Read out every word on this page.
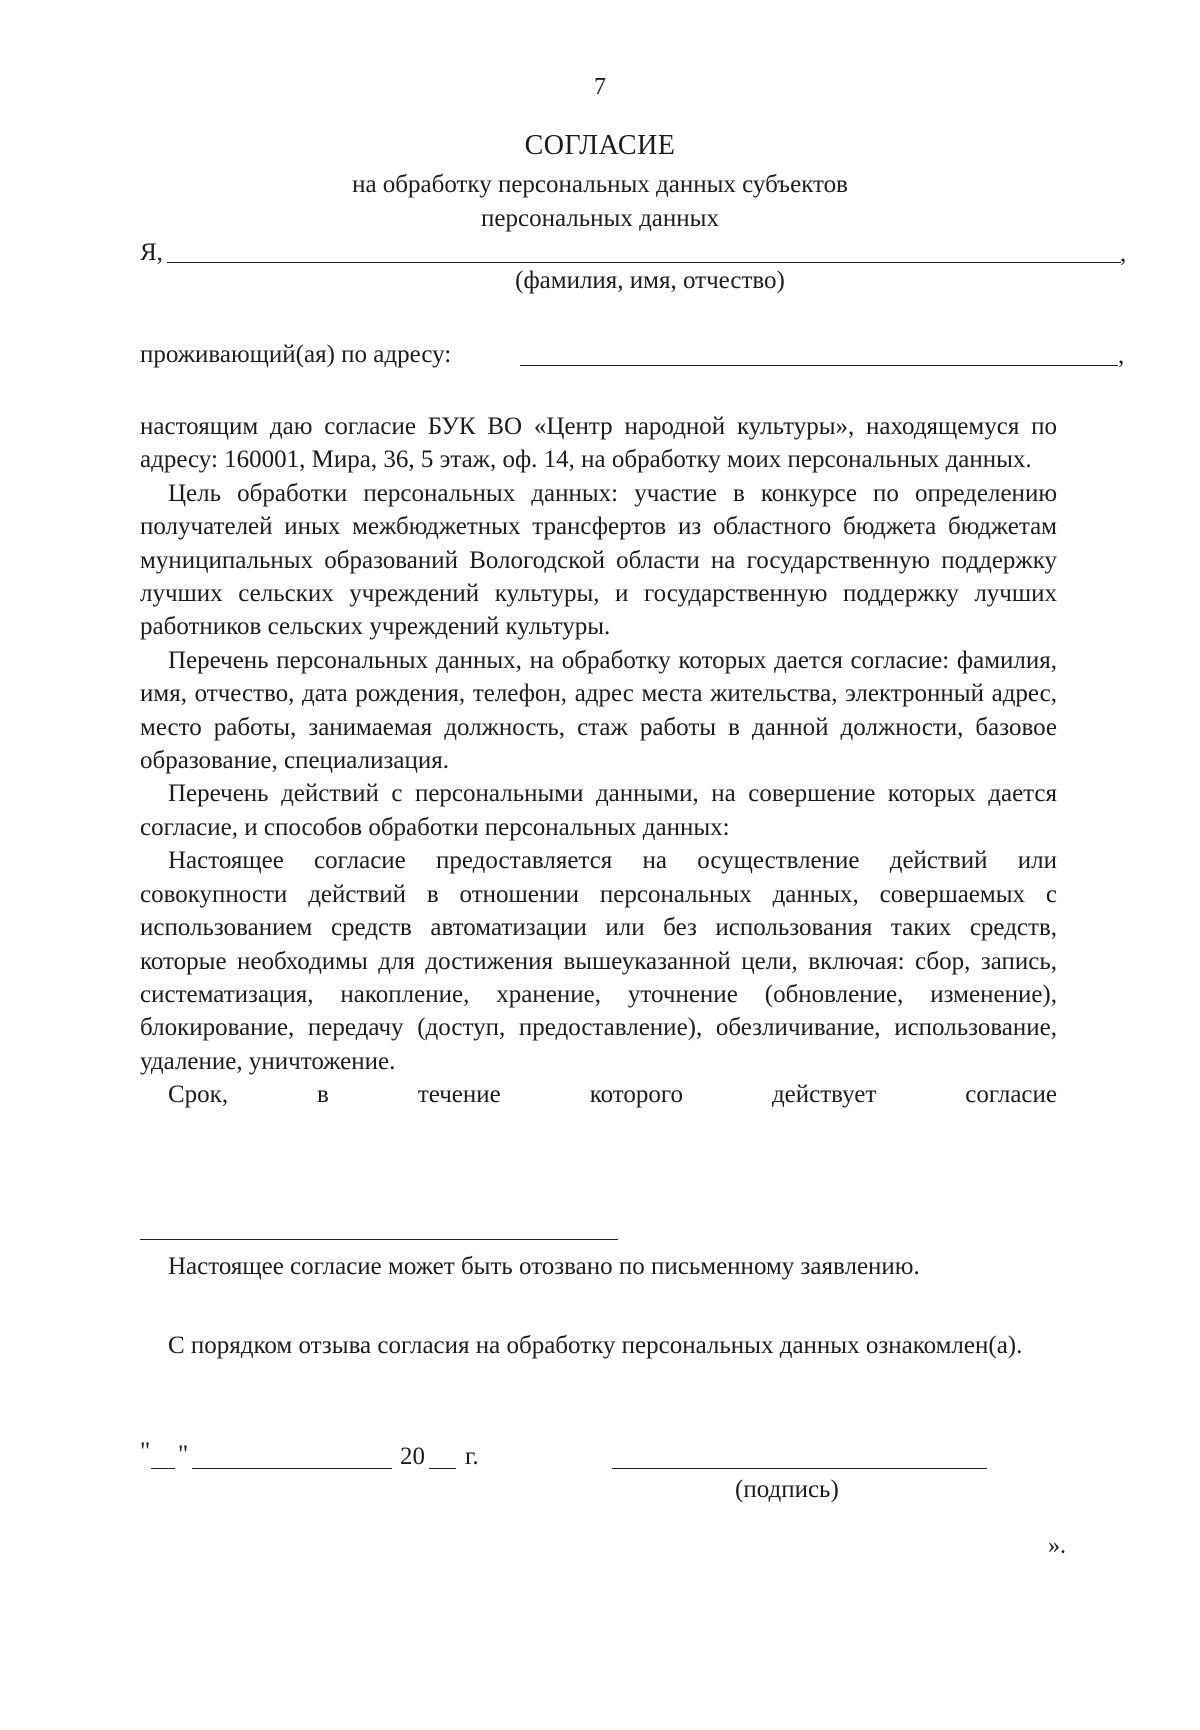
7
СОГЛАСИЕ
на обработку персональных данных субъектов
персональных данных
Я,	,
(фамилия, имя, отчество)
проживающий(ая) по адресу:	,

настоящим даю согласие БУК ВО «Центр народной культуры», находящемуся по адресу: 160001, Мира, 36, 5 этаж, оф. 14, на обработку моих персональных данных.

Цель обработки персональных данных: участие в конкурсе по определению получателей иных межбюджетных трансфертов из областного бюджета бюджетам муниципальных образований Вологодской области на государственную поддержку лучших сельских учреждений культуры, и государственную поддержку лучших работников сельских учреждений культуры.

Перечень персональных данных, на обработку которых дается согласие: фамилия, имя, отчество, дата рождения, телефон, адрес места жительства, электронный адрес, место работы, занимаемая должность, стаж работы в данной должности, базовое образование, специализация.

Перечень действий с персональными данными, на совершение которых дается согласие, и способов обработки персональных данных:

Настоящее согласие предоставляется на осуществление действий или совокупности действий в отношении персональных данных, совершаемых с использованием средств автоматизации или без использования таких средств, которые необходимы для достижения вышеуказанной цели, включая: сбор, запись, систематизация, накопление, хранение, уточнение (обновление, изменение), блокирование, передачу (доступ, предоставление), обезличивание, использование, удаление, уничтожение.

Срок, в течение которого действует согласие

Настоящее согласие может быть отозвано по письменному заявлению.
С порядком отзыва согласия на обработку персональных данных ознакомлен(а).
" "	20 г.
(подпись)
».
